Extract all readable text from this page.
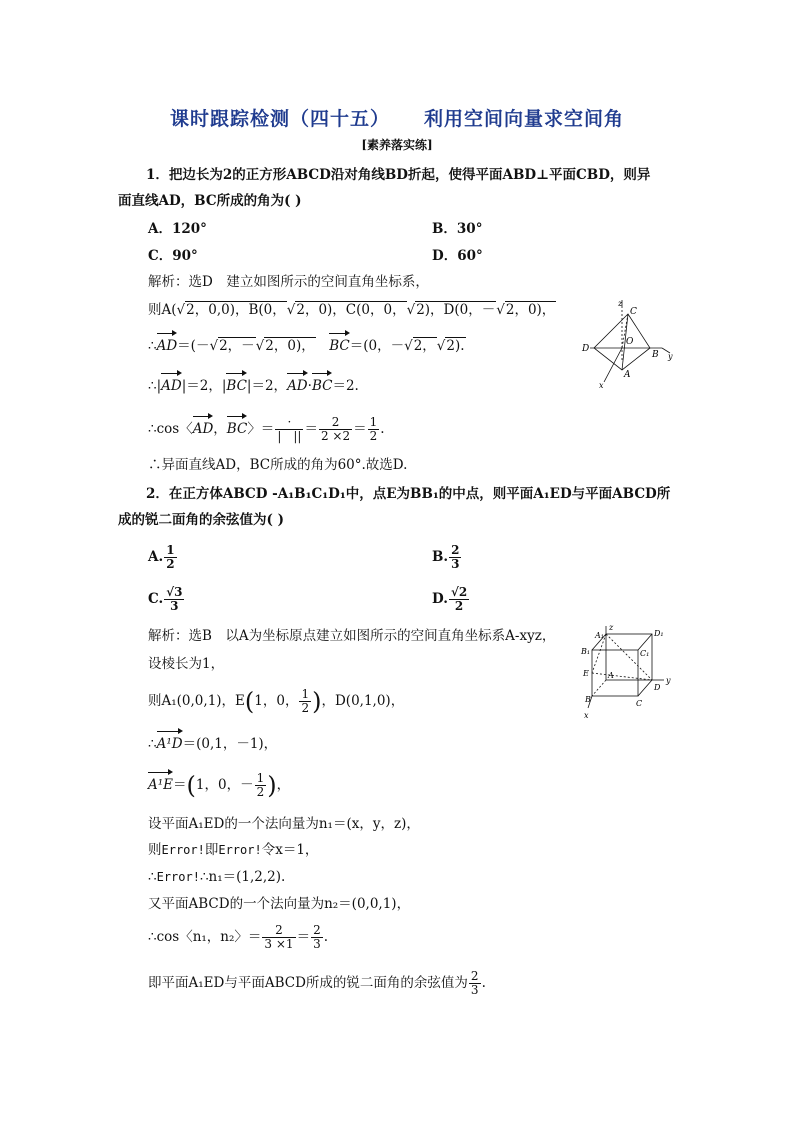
课时跟踪检测（四十五） 利用空间向量求空间角
[素养落实练]
1．把边长为2的正方形ABCD沿对角线BD折起，使得平面ABD⊥平面CBD，则异
面直线AD，BC所成的角为( )
A．120°	B．30°
C．90°	D．60°
解析：选D　建立如图所示的空间直角坐标系，
则A(√2，0,0)，B(0，√2，0)，C(0，0，√2)，D(0，－√2，0)，
∴AD＝(－√2，－√2，0)，　 BC＝(0，－√2，√2).
∴|AD|＝2，|BC|＝2，AD·BC＝2.
∴cos〈AD，BC〉＝ $\frac{\cdot}{| ||} = \frac{2}{2 \times 2} = \frac{1}{2}$ .
∴异面直线AD，BC所成的角为60°.故选D.
z
C
O
D
B y
A
x
2．在正方体ABCD -A₁B₁C₁D₁中，点E为BB₁的中点，则平面A₁ED与平面ABCD所
成的锐二面角的余弦值为( )
A. $\frac{1}{2}$	B. $\frac{2}{3}$
C. $\frac{√3}{3}$	D. $\frac{√2}{2}$
解析：选B　以A为坐标原点建立如图所示的空间直角坐标系A-xyz，
设棱长为1，
则A₁(0,0,1)，E(1，0， $\frac{1}{2}$ )，D(0,1,0)，
∴A¹D＝(0,1，－1)，
A¹E＝(1，0，－ $\frac{1}{2}$ )，
设平面A₁ED的一个法向量为n₁＝(x，y，z)，
则Error!即Error!令x＝1，
∴Error!∴n₁＝(1,2,2).
又平面ABCD的一个法向量为n₂＝(0,0,1)，
∴cos〈n₁，n₂〉＝ $\frac{2}{3 \times 1} = \frac{2}{3}$ .
即平面A₁ED与平面ABCD所成的锐二面角的余弦值为 $\frac{2}{3}$ .
z
A₁	D₁
B₁	C₁
A
E
D
y
B	C
x
